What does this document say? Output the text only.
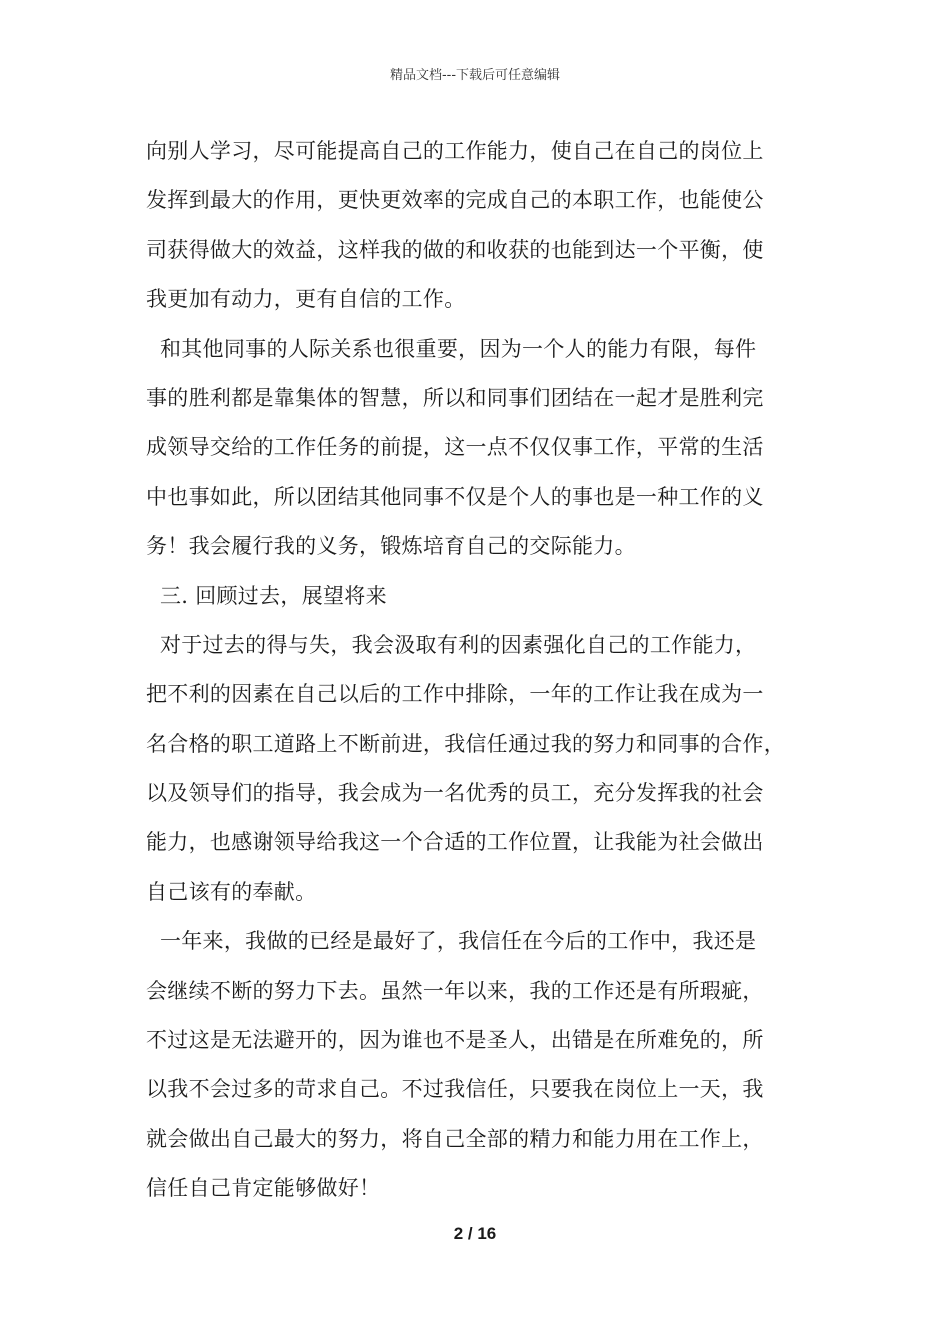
精品文档---下载后可任意编辑
向别人学习，尽可能提高自己的工作能力，使自己在自己的岗位上
发挥到最大的作用，更快更效率的完成自己的本职工作，也能使公
司获得做大的效益，这样我的做的和收获的也能到达一个平衡，使
我更加有动力，更有自信的工作。
和其他同事的人际关系也很重要，因为一个人的能力有限，每件
事的胜利都是靠集体的智慧，所以和同事们团结在一起才是胜利完
成领导交给的工作任务的前提，这一点不仅仅事工作，平常的生活
中也事如此，所以团结其他同事不仅是个人的事也是一种工作的义
务！我会履行我的义务，锻炼培育自己的交际能力。
三. 回顾过去，展望将来
对于过去的得与失，我会汲取有利的因素强化自己的工作能力，
把不利的因素在自己以后的工作中排除，一年的工作让我在成为一
名合格的职工道路上不断前进，我信任通过我的努力和同事的合作，
以及领导们的指导，我会成为一名优秀的员工，充分发挥我的社会
能力，也感谢领导给我这一个合适的工作位置，让我能为社会做出
自己该有的奉献。
一年来，我做的已经是最好了，我信任在今后的工作中，我还是
会继续不断的努力下去。虽然一年以来，我的工作还是有所瑕疵，
不过这是无法避开的，因为谁也不是圣人，出错是在所难免的，所
以我不会过多的苛求自己。不过我信任，只要我在岗位上一天，我
就会做出自己最大的努力，将自己全部的精力和能力用在工作上，
信任自己肯定能够做好！
2 / 16
